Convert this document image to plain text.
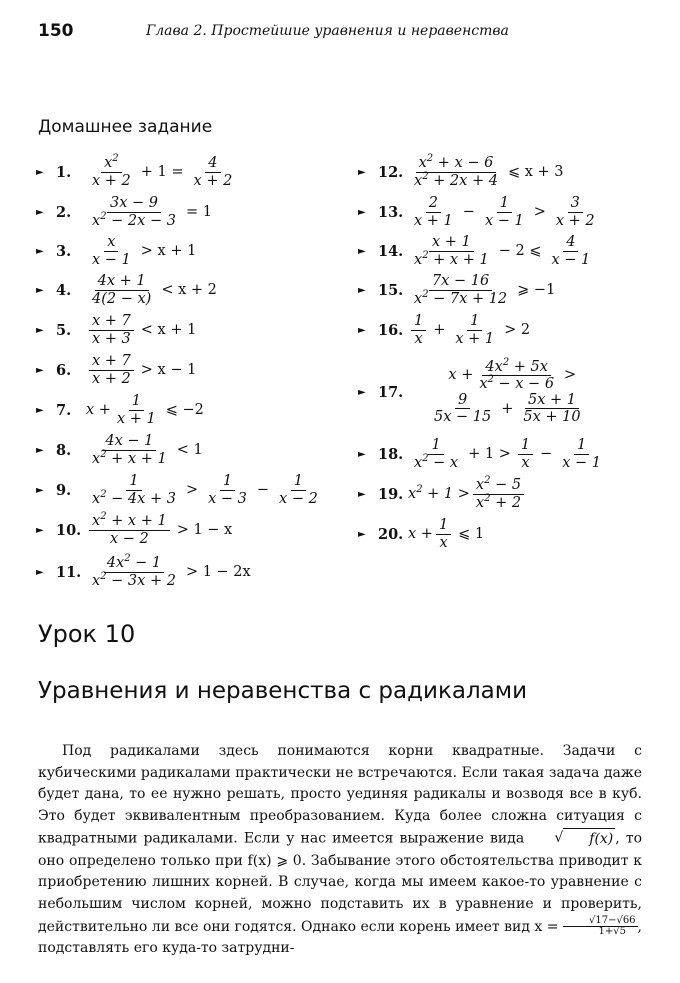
150	Глава 2. Простейшие уравнения и неравенства
Домашнее задание
► 1.
$x^2$
x + 2
+ $1 = \frac{4}{x + 2}$
► 2.	$\frac{3x - 9}{x^2 - 2x - 3} = 1$
► 3.
x
x − 1
> x + 1
► 4.
4x + 1
4(2 − x)
< x + 2
► 5.
x + 7
x + 3
< x + 1
► 6.
x + 7
x + 2
> x − 1
► 7.	$x + \frac{1}{x + 1}$ ⩽ −2
► 8.
4x − 1
$x^2 + x + 1$
< 1
► 9.
1
$x^2 - 4x + 3$
>
1
x − 3
− $\frac{1}{x - 2}$
► 10.
$x^2 + x + 1$
x − 2
> 1 − x
► 11.
$4x^2 - 1$
$x^2 - 3x + 2$
> 1 − 2x
► 12.
$x^2 + x - 6$
$x^2 + 2x + 4$
⩽ x + 3
► 13.
2
x + 1
− $\frac{1}{x - 1}$ >
3
x + 2
► 14.
x + 1
$x^2 + x + 1$
− 2 ⩽
4
x − 1
► 15.
7x − 16
$x^2 - 7x + 12$
⩾ −1
► 16.
1
x
+ $\frac{1}{x + 1} > 2$
► 17.
$x + \frac{4x^2 + 5x}{x^2 - x - 6}$ >
9
5x − 15
+ $\frac{5x + 1}{5x + 10}$
► 18.
1
$x^2 - x$
+ 1 >
1
x
− $\frac{1}{x - 1}$
► 19. $x^2 + 1$ >
$x^2 - 5$
$x^2 + 2$
► 20. $x + \frac{1}{x}$ ⩽ 1
Урок 10
Уравнения и неравенства с радикалами

Под радикалами здесь понимаются корни квадратные. Задачи с кубическими радикалами практически не встречаются. Если такая задача даже будет дана, то ее нужно решать, просто уединяя радикалы и возводя все в куб. Это будет эквивалентным преобразованием. Куда более сложна ситуация с квадратными радикалами. Если у нас имеется выражение вида √	f(x) , то оно определено только при f(x) ⩾ 0. Забывание этого обстоятельства приводит к приобретению лишних корней. В случае, когда мы имеем какое-то уравнение с небольшим числом корней, можно подставить их в уравнение и проверить, действительно ли все они годятся. Однако если корень имеет вид $x = \frac{√17-√66}{1+√5}$ , подставлять его куда-то затрудни-
